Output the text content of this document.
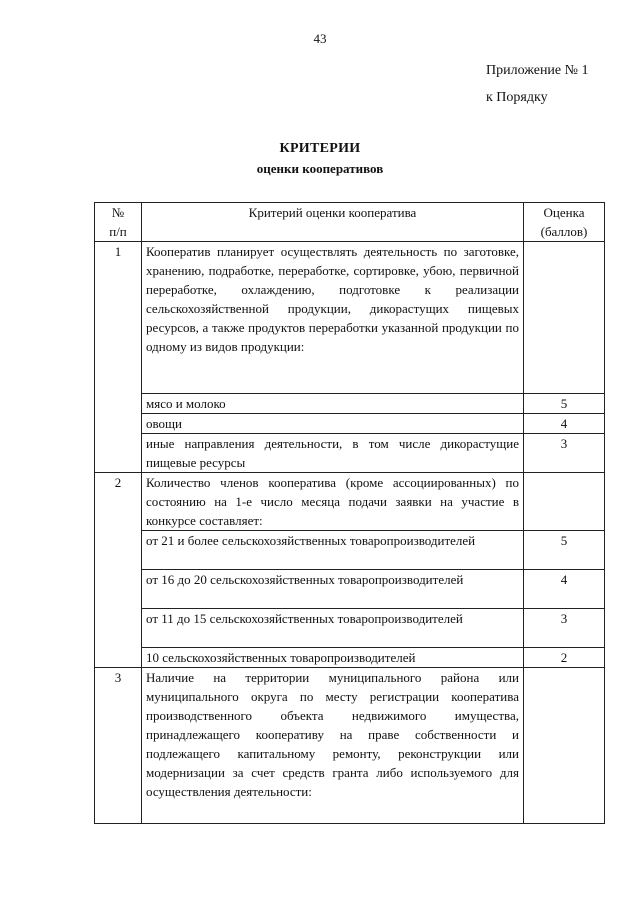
43
Приложение № 1
к Порядку
КРИТЕРИИ
оценки кооперативов
№
п/п	Критерий оценки кооператива	Оценка
(баллов)
1	Кооператив планирует осуществлять деятельность по заготовке, хранению, подработке, переработке, сортировке, убою, первичной переработке, охлаждению, подготовке к реализации сельскохозяйственной продукции, дикорастущих пищевых ресурсов, а также продуктов переработки указанной продукции по одному из видов продукции:	
	мясо и молоко	5
	овощи	4
	иные направления деятельности, в том числе дикорастущие пищевые ресурсы	3
2	Количество членов кооператива (кроме ассоциированных) по состоянию на 1-е число месяца подачи заявки на участие в конкурсе составляет:	
	от 21 и более сельскохозяйственных товаропроизводителей	5
	от 16 до 20 сельскохозяйственных товаропроизводителей	4
	от 11 до 15 сельскохозяйственных товаропроизводителей	3
	10 сельскохозяйственных товаропроизводителей	2
3	Наличие на территории муниципального района или муниципального округа по месту регистрации кооператива производственного объекта недвижимого имущества, принадлежащего кооперативу на праве собственности и подлежащего капитальному ремонту, реконструкции или модернизации за счет средств гранта либо используемого для осуществления деятельности:	
